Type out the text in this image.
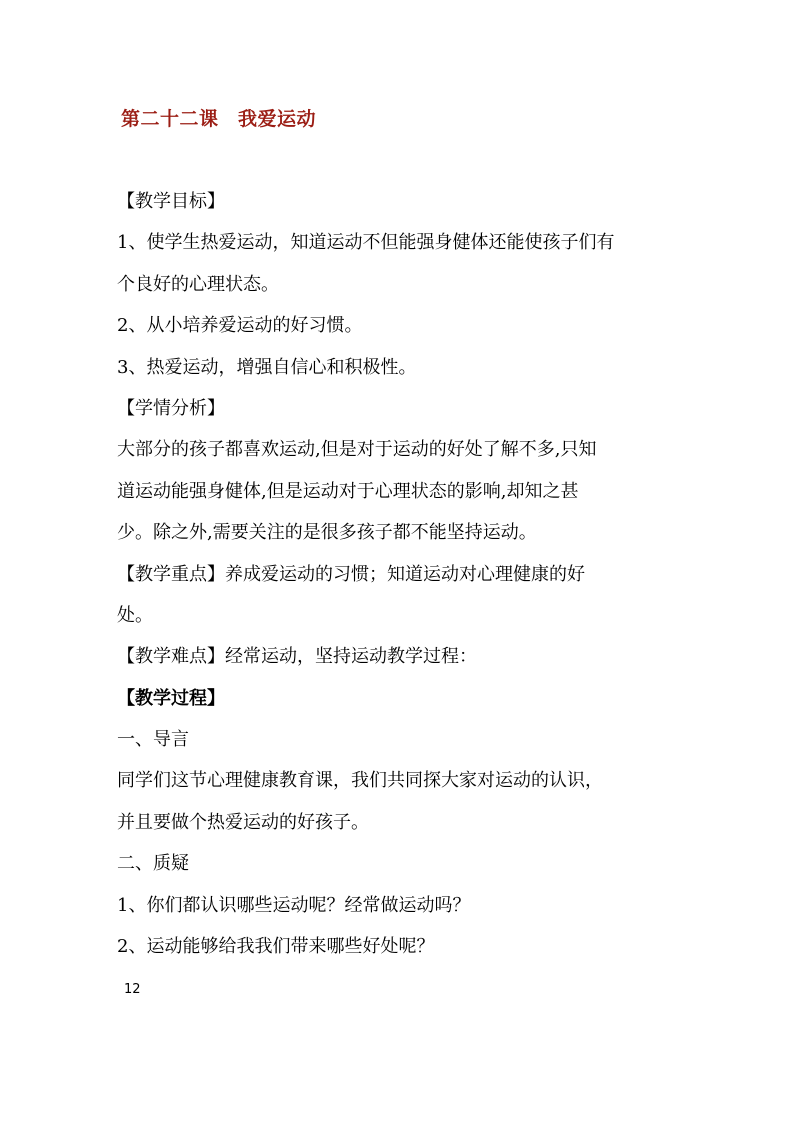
第二十二课　我爱运动
【教学目标】
1、使学生热爱运动，知道运动不但能强身健体还能使孩子们有
个良好的心理状态。
2、从小培养爱运动的好习惯。
3、热爱运动，增强自信心和积极性。
【学情分析】
大部分的孩子都喜欢运动,但是对于运动的好处了解不多,只知
道运动能强身健体,但是运动对于心理状态的影响,却知之甚
少。除之外,需要关注的是很多孩子都不能坚持运动。
【教学重点】养成爱运动的习惯；知道运动对心理健康的好
处。
【教学难点】经常运动，坚持运动教学过程：
【教学过程】
一、导言
同学们这节心理健康教育课，我们共同探大家对运动的认识，
并且要做个热爱运动的好孩子。
二、质疑
1、你们都认识哪些运动呢？经常做运动吗？
2、运动能够给我我们带来哪些好处呢？
12
